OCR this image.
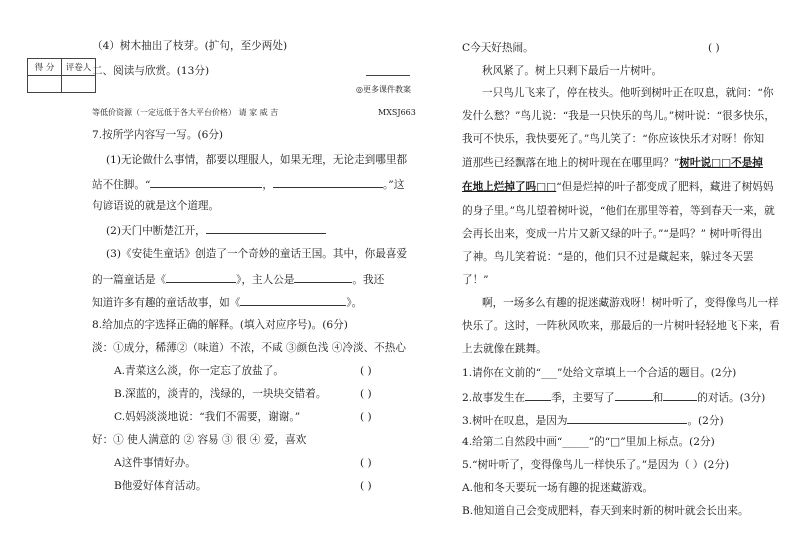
（4）树木抽出了枝芽。(扩句，至少两处)
得 分	评卷人
	二、阅读与欣赏。(13分)
◎更多课件教案
等低价资源（一定远低于各大平台价格） 请 家 威 吉	MXSJ663
7.按所学内容写一写。(6分)
(1)无论做什么事情，都要以理服人，如果无理，无论走到哪里都
站不住脚。“	，	。”这
句谚语说的就是这个道理。
(2)天门中断楚江开，
(3)《安徒生童话》创造了一个奇妙的童话王国。其中，你最喜爱
的一篇童话是《	》，主人公是	。我还
知道许多有趣的童话故事，如《	》。
8.给加点的字选择正确的解释。(填入对应序号)。(6分)
淡：①成分，稀薄②（味道）不浓，不咸 ③颜色浅 ④冷淡、不热心
A.青菜这么淡，你一定忘了放盐了。	( )
B.深蓝的，淡青的，浅绿的，一块块交错着。	( )
C.妈妈淡淡地说：“我们不需要，谢谢。”	( )
好：① 使人满意的 ② 容易 ③ 很 ④ 爱，喜欢
A这件事情好办。	( )
B他爱好体育活动。	( )
C今天好热闹。	( )
秋风紧了。树上只剩下最后一片树叶。
一只鸟儿飞来了，停在枝头。他听到树叶正在叹息，就问：“你
发什么愁？”鸟儿说：“我是一只快乐的鸟儿。”树叶说：“很多快乐，
我可不快乐，我快要死了。”鸟儿笑了：“你应该快乐才对呀！你知
道那些已经飘落在地上的树叶现在在哪里吗？”树叶说□□不是掉
在地上烂掉了吗□□“但是烂掉的叶子都变成了肥料，藏进了树妈妈
的身子里。”鸟儿望着树叶说，“他们在那里等着，等到春天一来，就
会再长出来，变成一片片又新又绿的叶子。”“是吗？” 树叶听得出
了神。鸟儿笑着说：“是的，他们只不过是藏起来，躲过冬天罢
了！”
啊，一场多么有趣的捉迷藏游戏呀！树叶听了，变得像鸟儿一样
快乐了。这时，一阵秋风吹来，那最后的一片树叶轻轻地飞下来，看
上去就像在跳舞。
1.请你在文前的“___”处给文章填上一个合适的题目。(2分)
2.故事发生在 季，主要写了	和	的对话。(3分)
3.树叶在叹息，是因为	。(2分)
4.给第二自然段中画“_____”的“□”里加上标点。(2分)
5.“树叶听了，变得像鸟儿一样快乐了。”是因为（ ）(2分)
A.他和冬天要玩一场有趣的捉迷藏游戏。
B.他知道自己会变成肥料，春天到来时新的树叶就会长出来。
